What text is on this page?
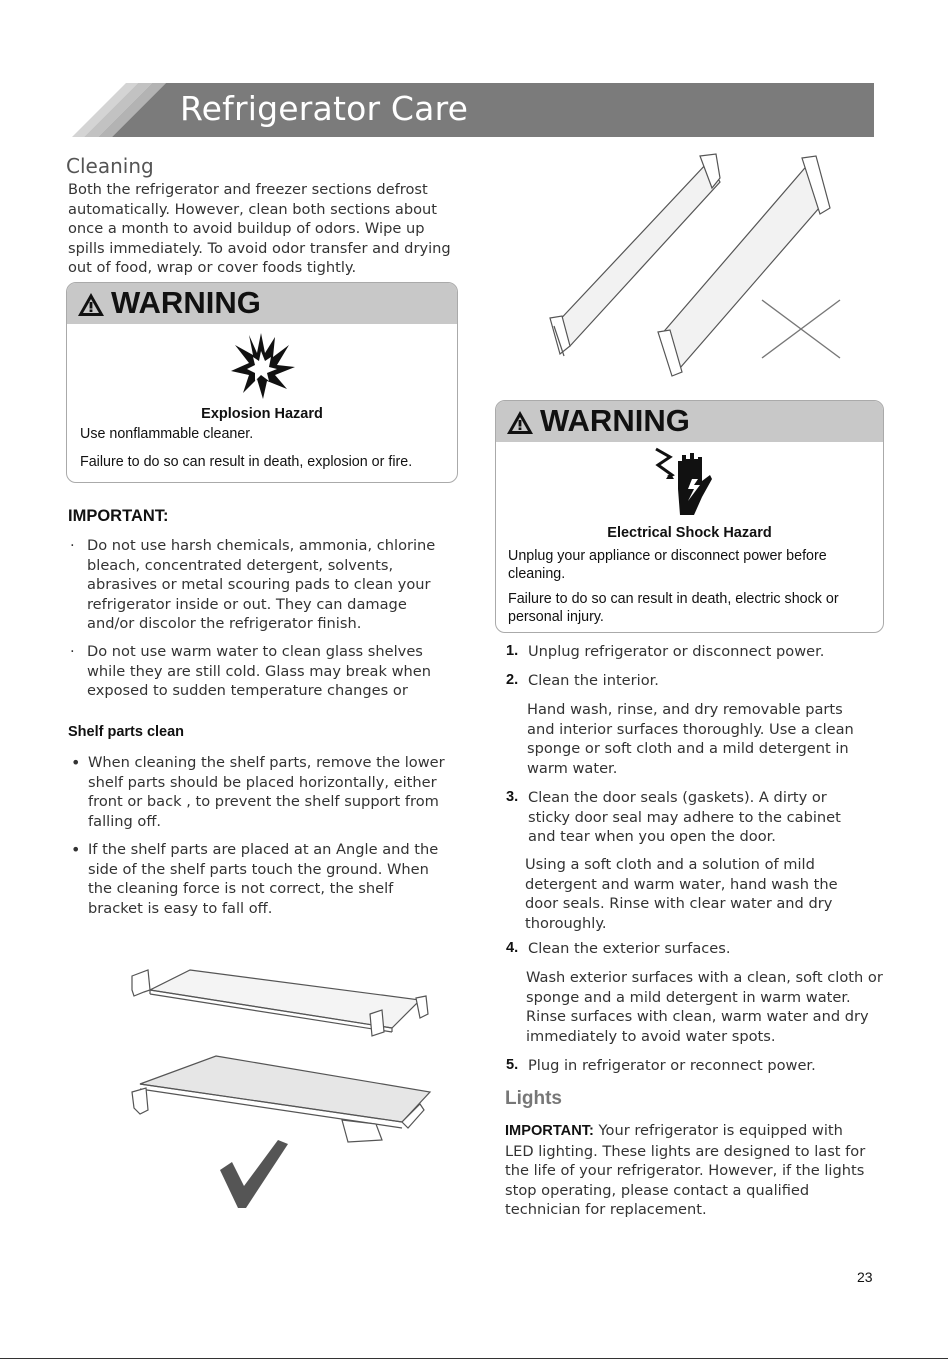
Refrigerator Care
Cleaning
Both the refrigerator and freezer sections defrost
automatically. However, clean both sections about
once a month to avoid buildup of odors. Wipe up
spills immediately. To avoid odor transfer and drying
out of food, wrap or cover foods tightly.
WARNING
Explosion Hazard
Use nonflammable cleaner.
Failure to do so can result in death, explosion or fire.
IMPORTANT:
· Do not use harsh chemicals, ammonia, chlorine
bleach, concentrated detergent, solvents,
abrasives or metal scouring pads to clean your
refrigerator inside or out. They can damage
and/or discolor the refrigerator finish.
· Do not use warm water to clean glass shelves
while they are still cold. Glass may break when
exposed to sudden temperature changes or
Shelf parts clean
• When cleaning the shelf parts, remove the lower
shelf parts should be placed horizontally, either
front or back , to prevent the shelf support from
falling off.
• If the shelf parts are placed at an Angle and the
side of the shelf parts touch the ground. When
the cleaning force is not correct, the shelf
bracket is easy to fall off.
WARNING
Electrical Shock Hazard
Unplug your appliance or disconnect power before
cleaning.
Failure to do so can result in death, electric shock or
personal injury.
1. Unplug refrigerator or disconnect power.
2. Clean the interior.
Hand wash, rinse, and dry removable parts
and interior surfaces thoroughly. Use a clean
sponge or soft cloth and a mild detergent in
warm water.
3. Clean the door seals (gaskets). A dirty or
sticky door seal may adhere to the cabinet
and tear when you open the door.
Using a soft cloth and a solution of mild
detergent and warm water, hand wash the
door seals. Rinse with clear water and dry
thoroughly.
4. Clean the exterior surfaces.
Wash exterior surfaces with a clean, soft cloth or
sponge and a mild detergent in warm water.
Rinse surfaces with clean, warm water and dry
immediately to avoid water spots.
5. Plug in refrigerator or reconnect power.
Lights
IMPORTANT: Your refrigerator is equipped with
LED lighting. These lights are designed to last for
the life of your refrigerator. However, if the lights
stop operating, please contact a qualified
technician for replacement.
23
